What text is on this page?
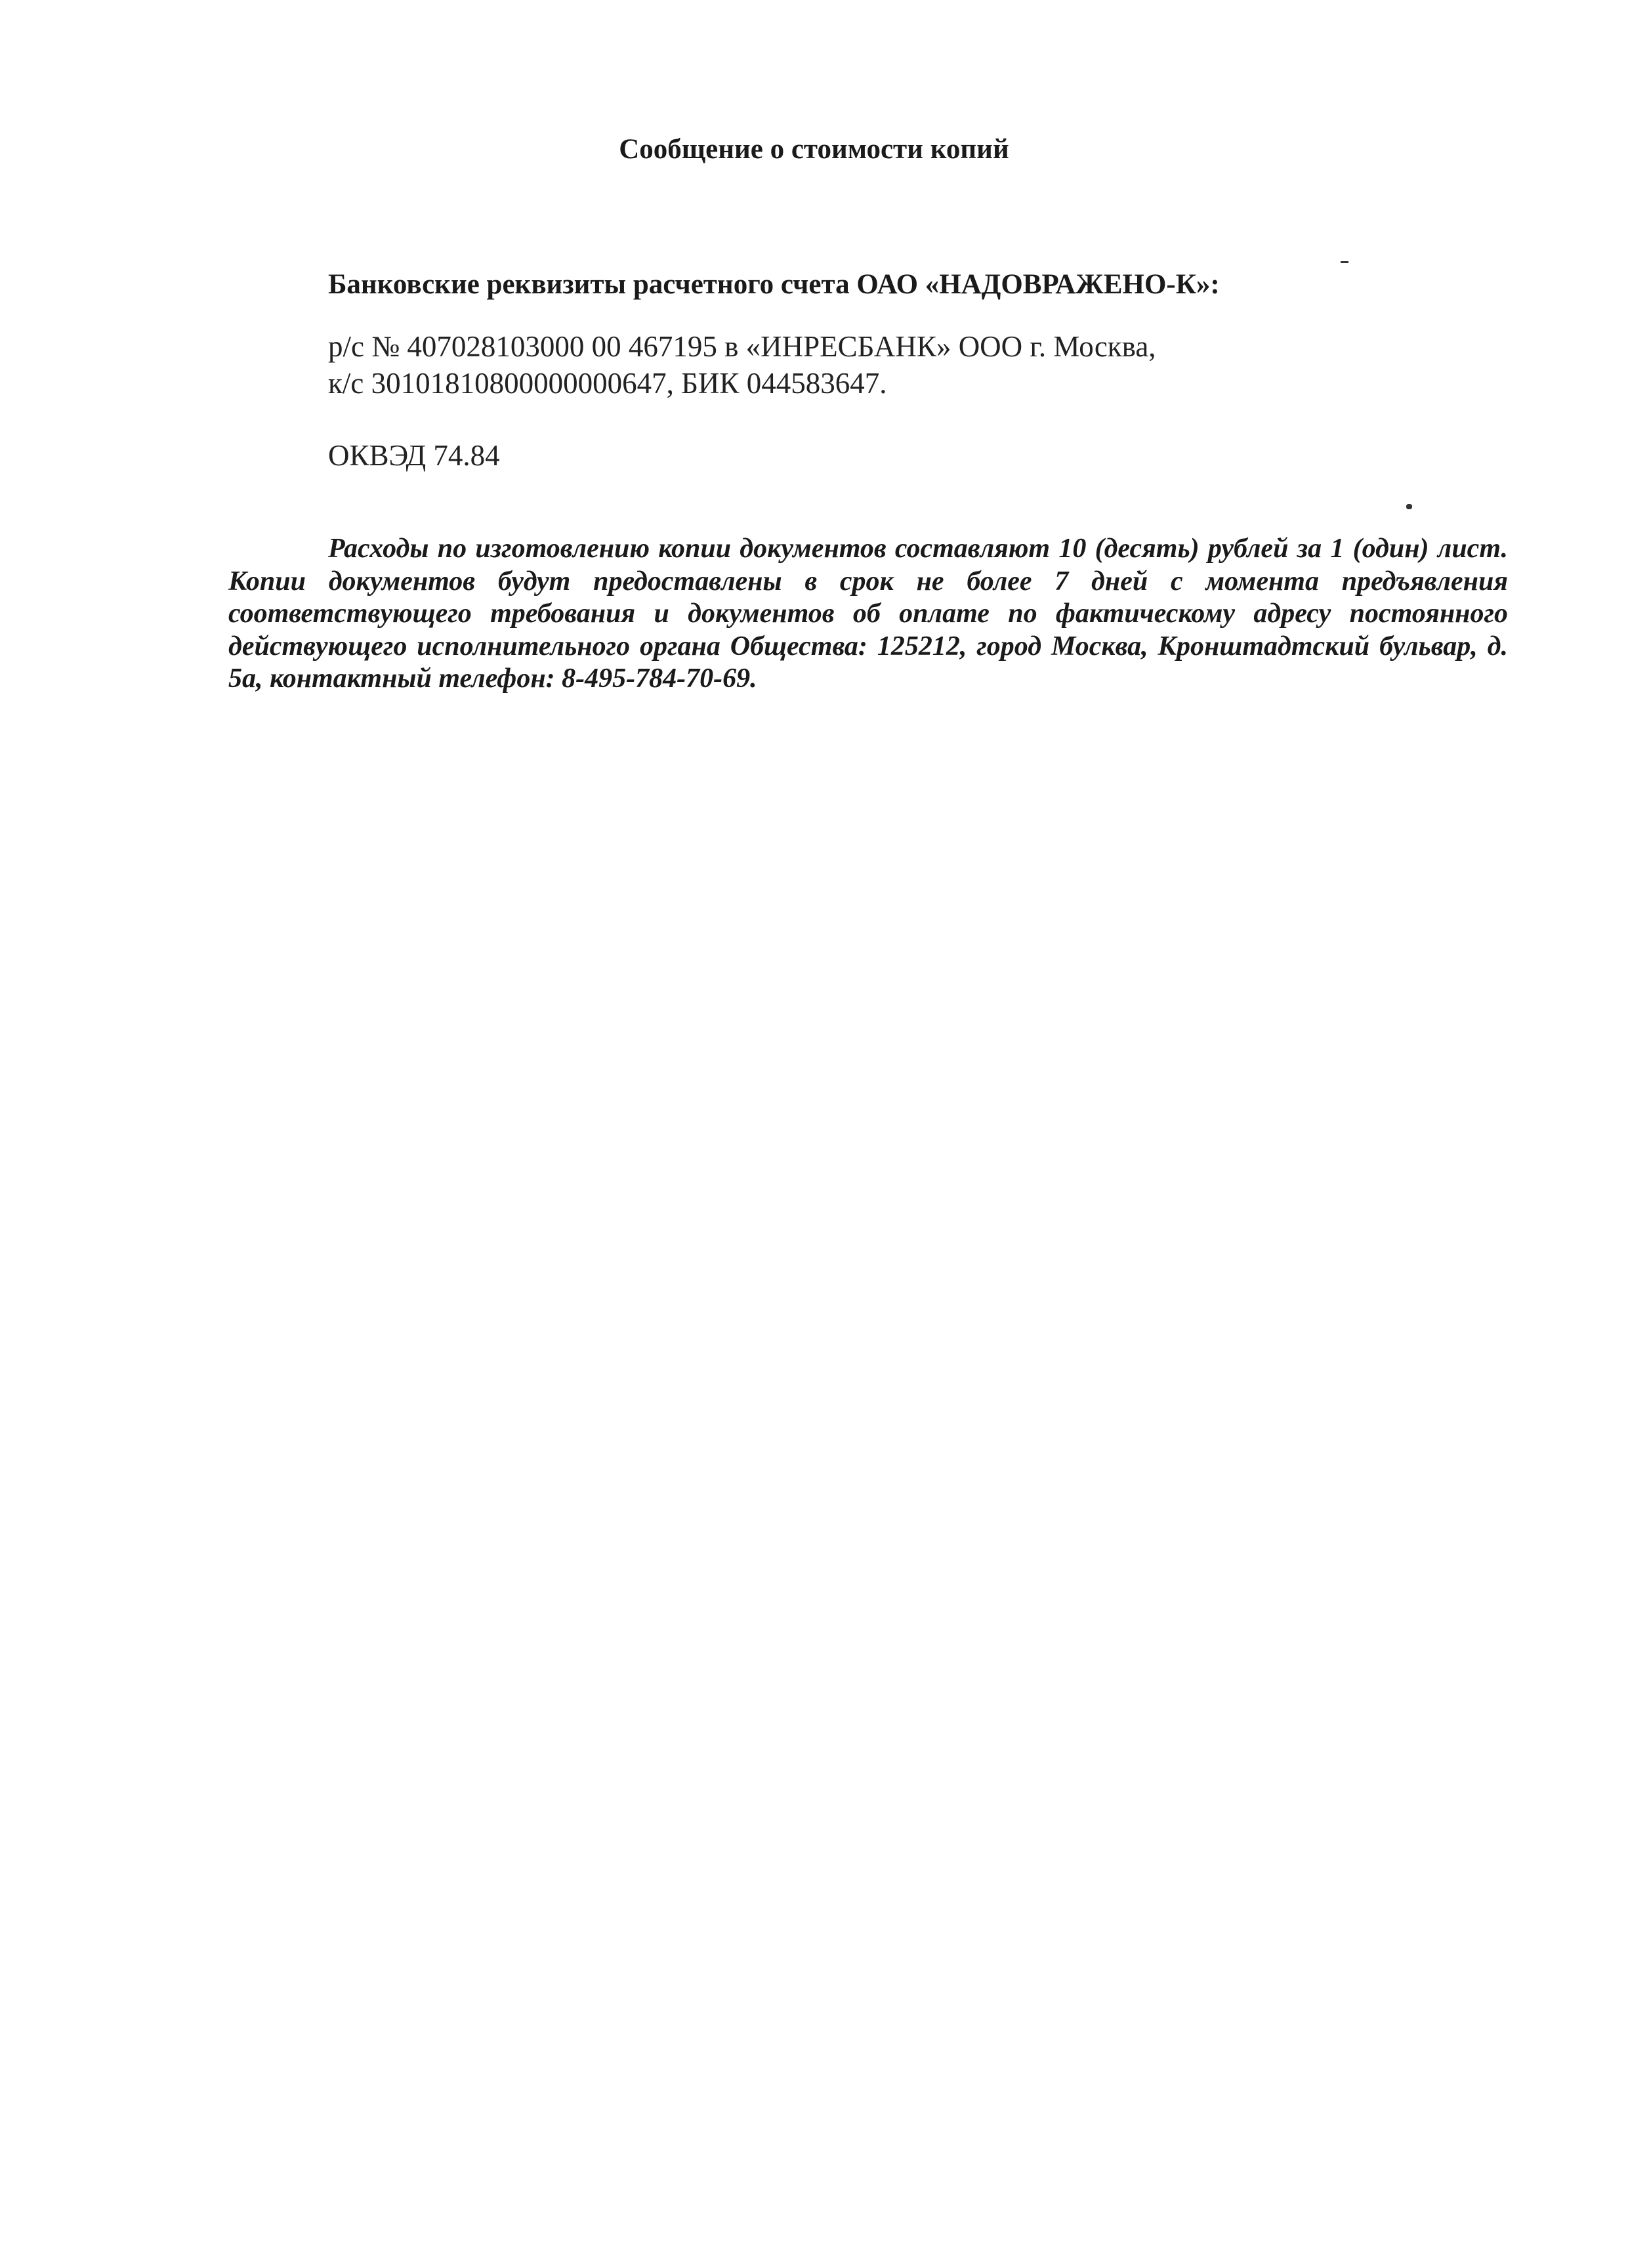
Сообщение о стоимости копий
Банковские реквизиты расчетного счета ОАО «НАДОВРАЖЕНО-К»:
р/с № 407028103000 00 467195 в «ИНРЕСБАНК» ООО г. Москва,
к/с 30101810800000000647, БИК 044583647.
ОКВЭД 74.84
Расходы по изготовлению копии документов составляют 10 (десять) рублей за 1 (один) лист. Копии документов будут предоставлены в срок не более 7 дней с момента предъявления соответствующего требования и документов об оплате по фактическому адресу постоянного действующего исполнительного органа Общества: 125212, город Москва, Кронштадтский бульвар, д. 5а, контактный телефон: 8-495-784-70-69.
